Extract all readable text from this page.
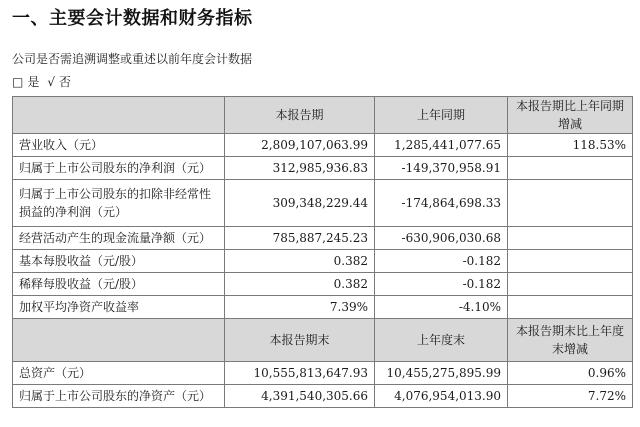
一、主要会计数据和财务指标
公司是否需追溯调整或重述以前年度会计数据
□ 是 √ 否
	本报告期	上年同期	本报告期比上年同期增减
营业收入（元）	2,809,107,063.99	1,285,441,077.65	118.53%
归属于上市公司股东的净利润（元）	312,985,936.83	-149,370,958.91	
归属于上市公司股东的扣除非经常性损益的净利润（元）	309,348,229.44	-174,864,698.33	
经营活动产生的现金流量净额（元）	785,887,245.23	-630,906,030.68	
基本每股收益（元/股）	0.382	-0.182	
稀释每股收益（元/股）	0.382	-0.182	
加权平均净资产收益率	7.39%	-4.10%	
	本报告期末	上年度末	本报告期末比上年度末增减
总资产（元）	10,555,813,647.93	10,455,275,895.99	0.96%
归属于上市公司股东的净资产（元）	4,391,540,305.66	4,076,954,013.90	7.72%
